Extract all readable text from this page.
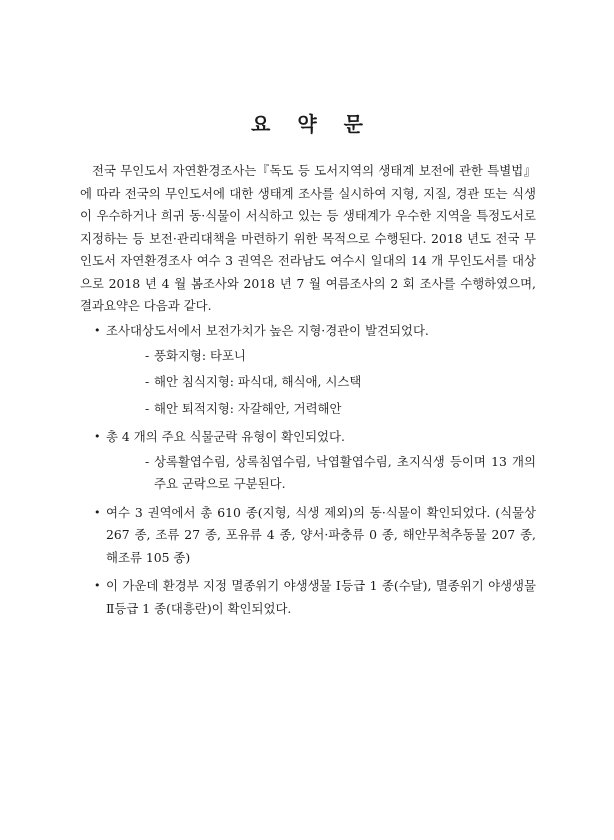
요 약 문

전국 무인도서 자연환경조사는『독도 등 도서지역의 생태계 보전에 관한 특별법』에 따라 전국의 무인도서에 대한 생태계 조사를 실시하여 지형, 지질, 경관 또는 식생이 우수하거나 희귀 동·식물이 서식하고 있는 등 생태계가 우수한 지역을 특정도서로 지정하는 등 보전·관리대책을 마련하기 위한 목적으로 수행된다. 2018 년도 전국 무인도서 자연환경조사 여수 3 권역은 전라남도 여수시 일대의 14 개 무인도서를 대상으로 2018 년 4 월 봄조사와 2018 년 7 월 여름조사의 2 회 조사를 수행하였으며, 결과요약은 다음과 같다.

• 조사대상도서에서 보전가치가 높은 지형·경관이 발견되었다.
- 풍화지형: 타포니
- 해안 침식지형: 파식대, 해식애, 시스택
- 해안 퇴적지형: 자갈해안, 거력해안
• 총 4 개의 주요 식물군락 유형이 확인되었다.
- 상록활엽수림, 상록침엽수림, 낙엽활엽수림, 초지식생 등이며 13 개의 주요 군락으로 구분된다.
• 여수 3 권역에서 총 610 종(지형, 식생 제외)의 동·식물이 확인되었다. (식물상 267 종, 조류 27 종, 포유류 4 종, 양서·파충류 0 종, 해안무척추동물 207 종, 해조류 105 종)
• 이 가운데 환경부 지정 멸종위기 야생생물 Ⅰ등급 1 종(수달), 멸종위기 야생생물 Ⅱ등급 1 종(대흥란)이 확인되었다.
